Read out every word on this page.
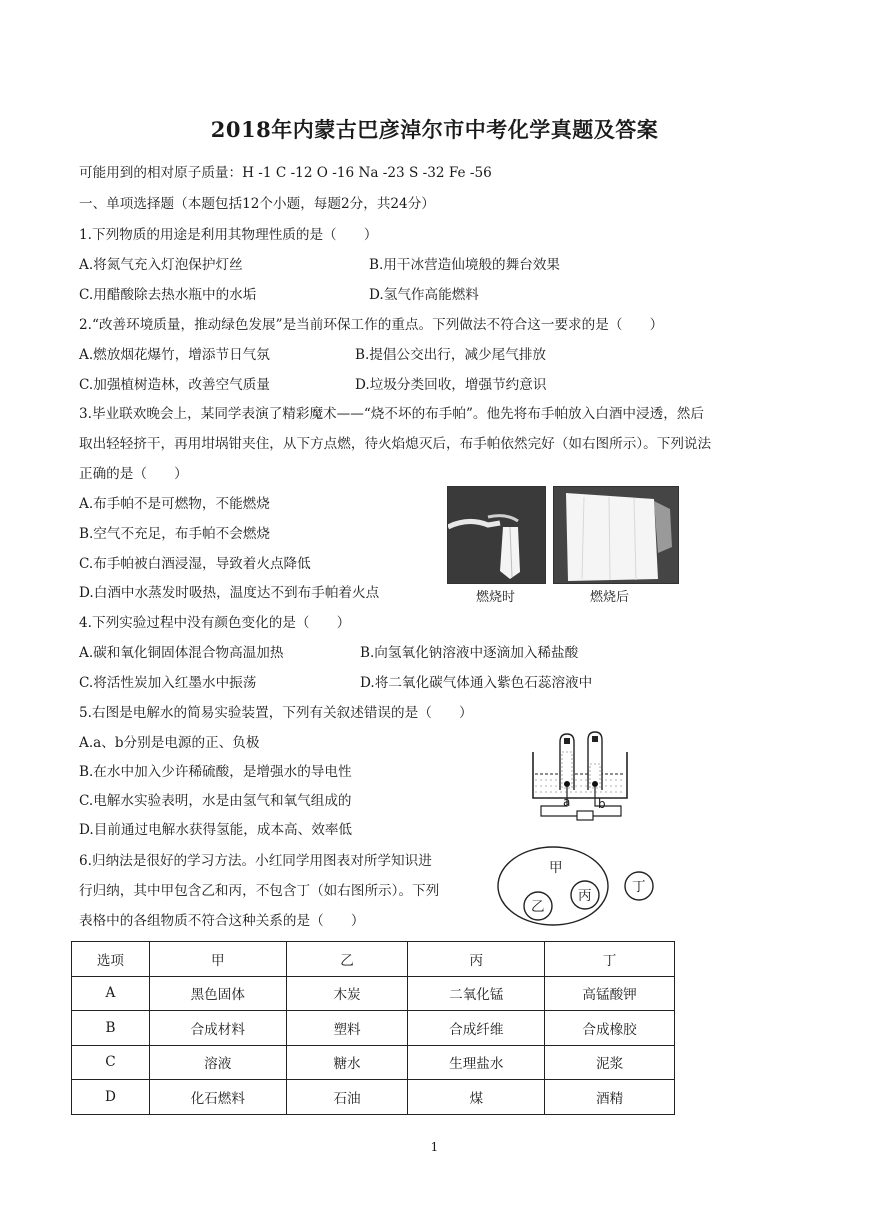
2018年内蒙古巴彦淖尔市中考化学真题及答案
可能用到的相对原子质量：H -1 C -12 O -16 Na -23 S -32 Fe -56
一、单项选择题（本题包括12个小题，每题2分，共24分）
1.下列物质的用途是利用其物理性质的是（　　）
A.将氮气充入灯泡保护灯丝	B.用干冰营造仙境般的舞台效果
C.用醋酸除去热水瓶中的水垢	D.氢气作高能燃料
2.“改善环境质量，推动绿色发展”是当前环保工作的重点。下列做法不符合这一要求的是（　　）
A.燃放烟花爆竹，增添节日气氛	B.提倡公交出行，减少尾气排放
C.加强植树造林，改善空气质量	D.垃圾分类回收，增强节约意识
3.毕业联欢晚会上，某同学表演了精彩魔术——“烧不坏的布手帕”。他先将布手帕放入白酒中浸透，然后
取出轻轻挤干，再用坩埚钳夹住，从下方点燃，待火焰熄灭后，布手帕依然完好（如右图所示）。下列说法
正确的是（　　）
A.布手帕不是可燃物，不能燃烧
B.空气不充足，布手帕不会燃烧
C.布手帕被白酒浸湿，导致着火点降低
D.白酒中水蒸发时吸热，温度达不到布手帕着火点	燃烧时	燃烧后
4.下列实验过程中没有颜色变化的是（　　）
A.碳和氧化铜固体混合物高温加热	B.向氢氧化钠溶液中逐滴加入稀盐酸
C.将活性炭加入红墨水中振荡	D.将二氧化碳气体通入紫色石蕊溶液中
5.右图是电解水的简易实验装置，下列有关叙述错误的是（　　）
A.a、b分别是电源的正、负极
B.在水中加入少许稀硫酸，是增强水的导电性
C.电解水实验表明，水是由氢气和氧气组成的
D.目前通过电解水获得氢能，成本高、效率低
a b
6.归纳法是很好的学习方法。小红同学用图表对所学知识进
行归纳，其中甲包含乙和丙，不包含丁（如右图所示）。下列
表格中的各组物质不符合这种关系的是（　　）
甲
乙
丙
丁
选项	甲	乙	丙	丁
A	黑色固体	木炭	二氧化锰	高锰酸钾
B	合成材料	塑料	合成纤维	合成橡胶
C	溶液	糖水	生理盐水	泥浆
D	化石燃料	石油	煤	酒精
1
